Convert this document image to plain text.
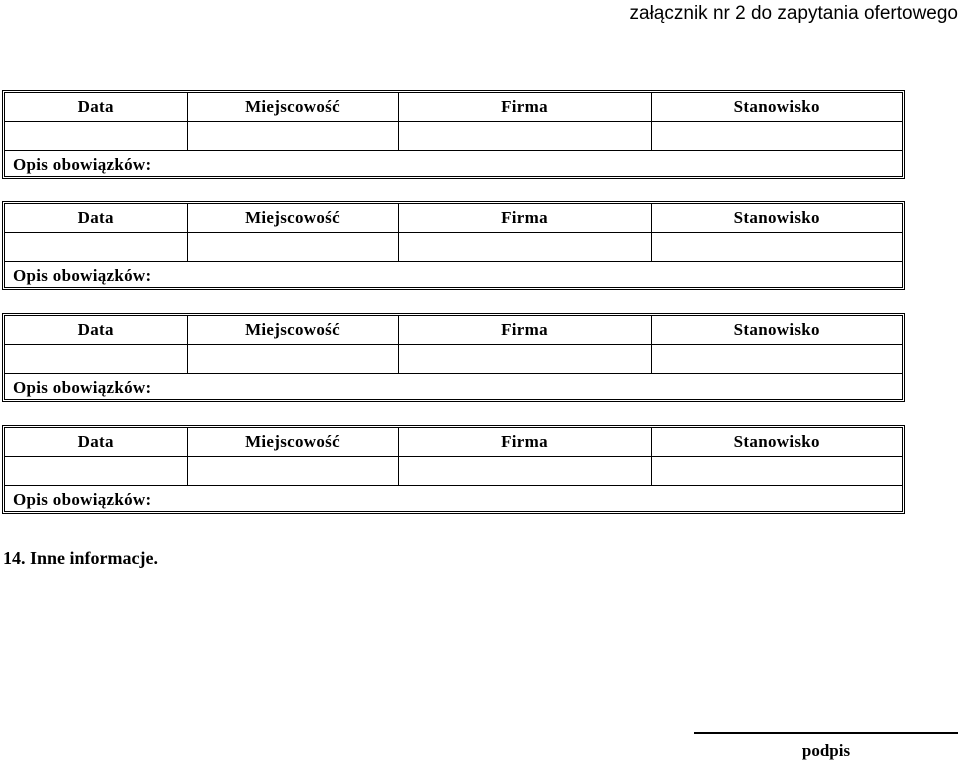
załącznik nr 2 do zapytania ofertowego
Data	Miejscowość	Firma	Stanowisko

Opis obowiązków:			
Data	Miejscowość	Firma	Stanowisko

Opis obowiązków:			
Data	Miejscowość	Firma	Stanowisko

Opis obowiązków:			
Data	Miejscowość	Firma	Stanowisko

Opis obowiązków:			
14. Inne informacje.
podpis
